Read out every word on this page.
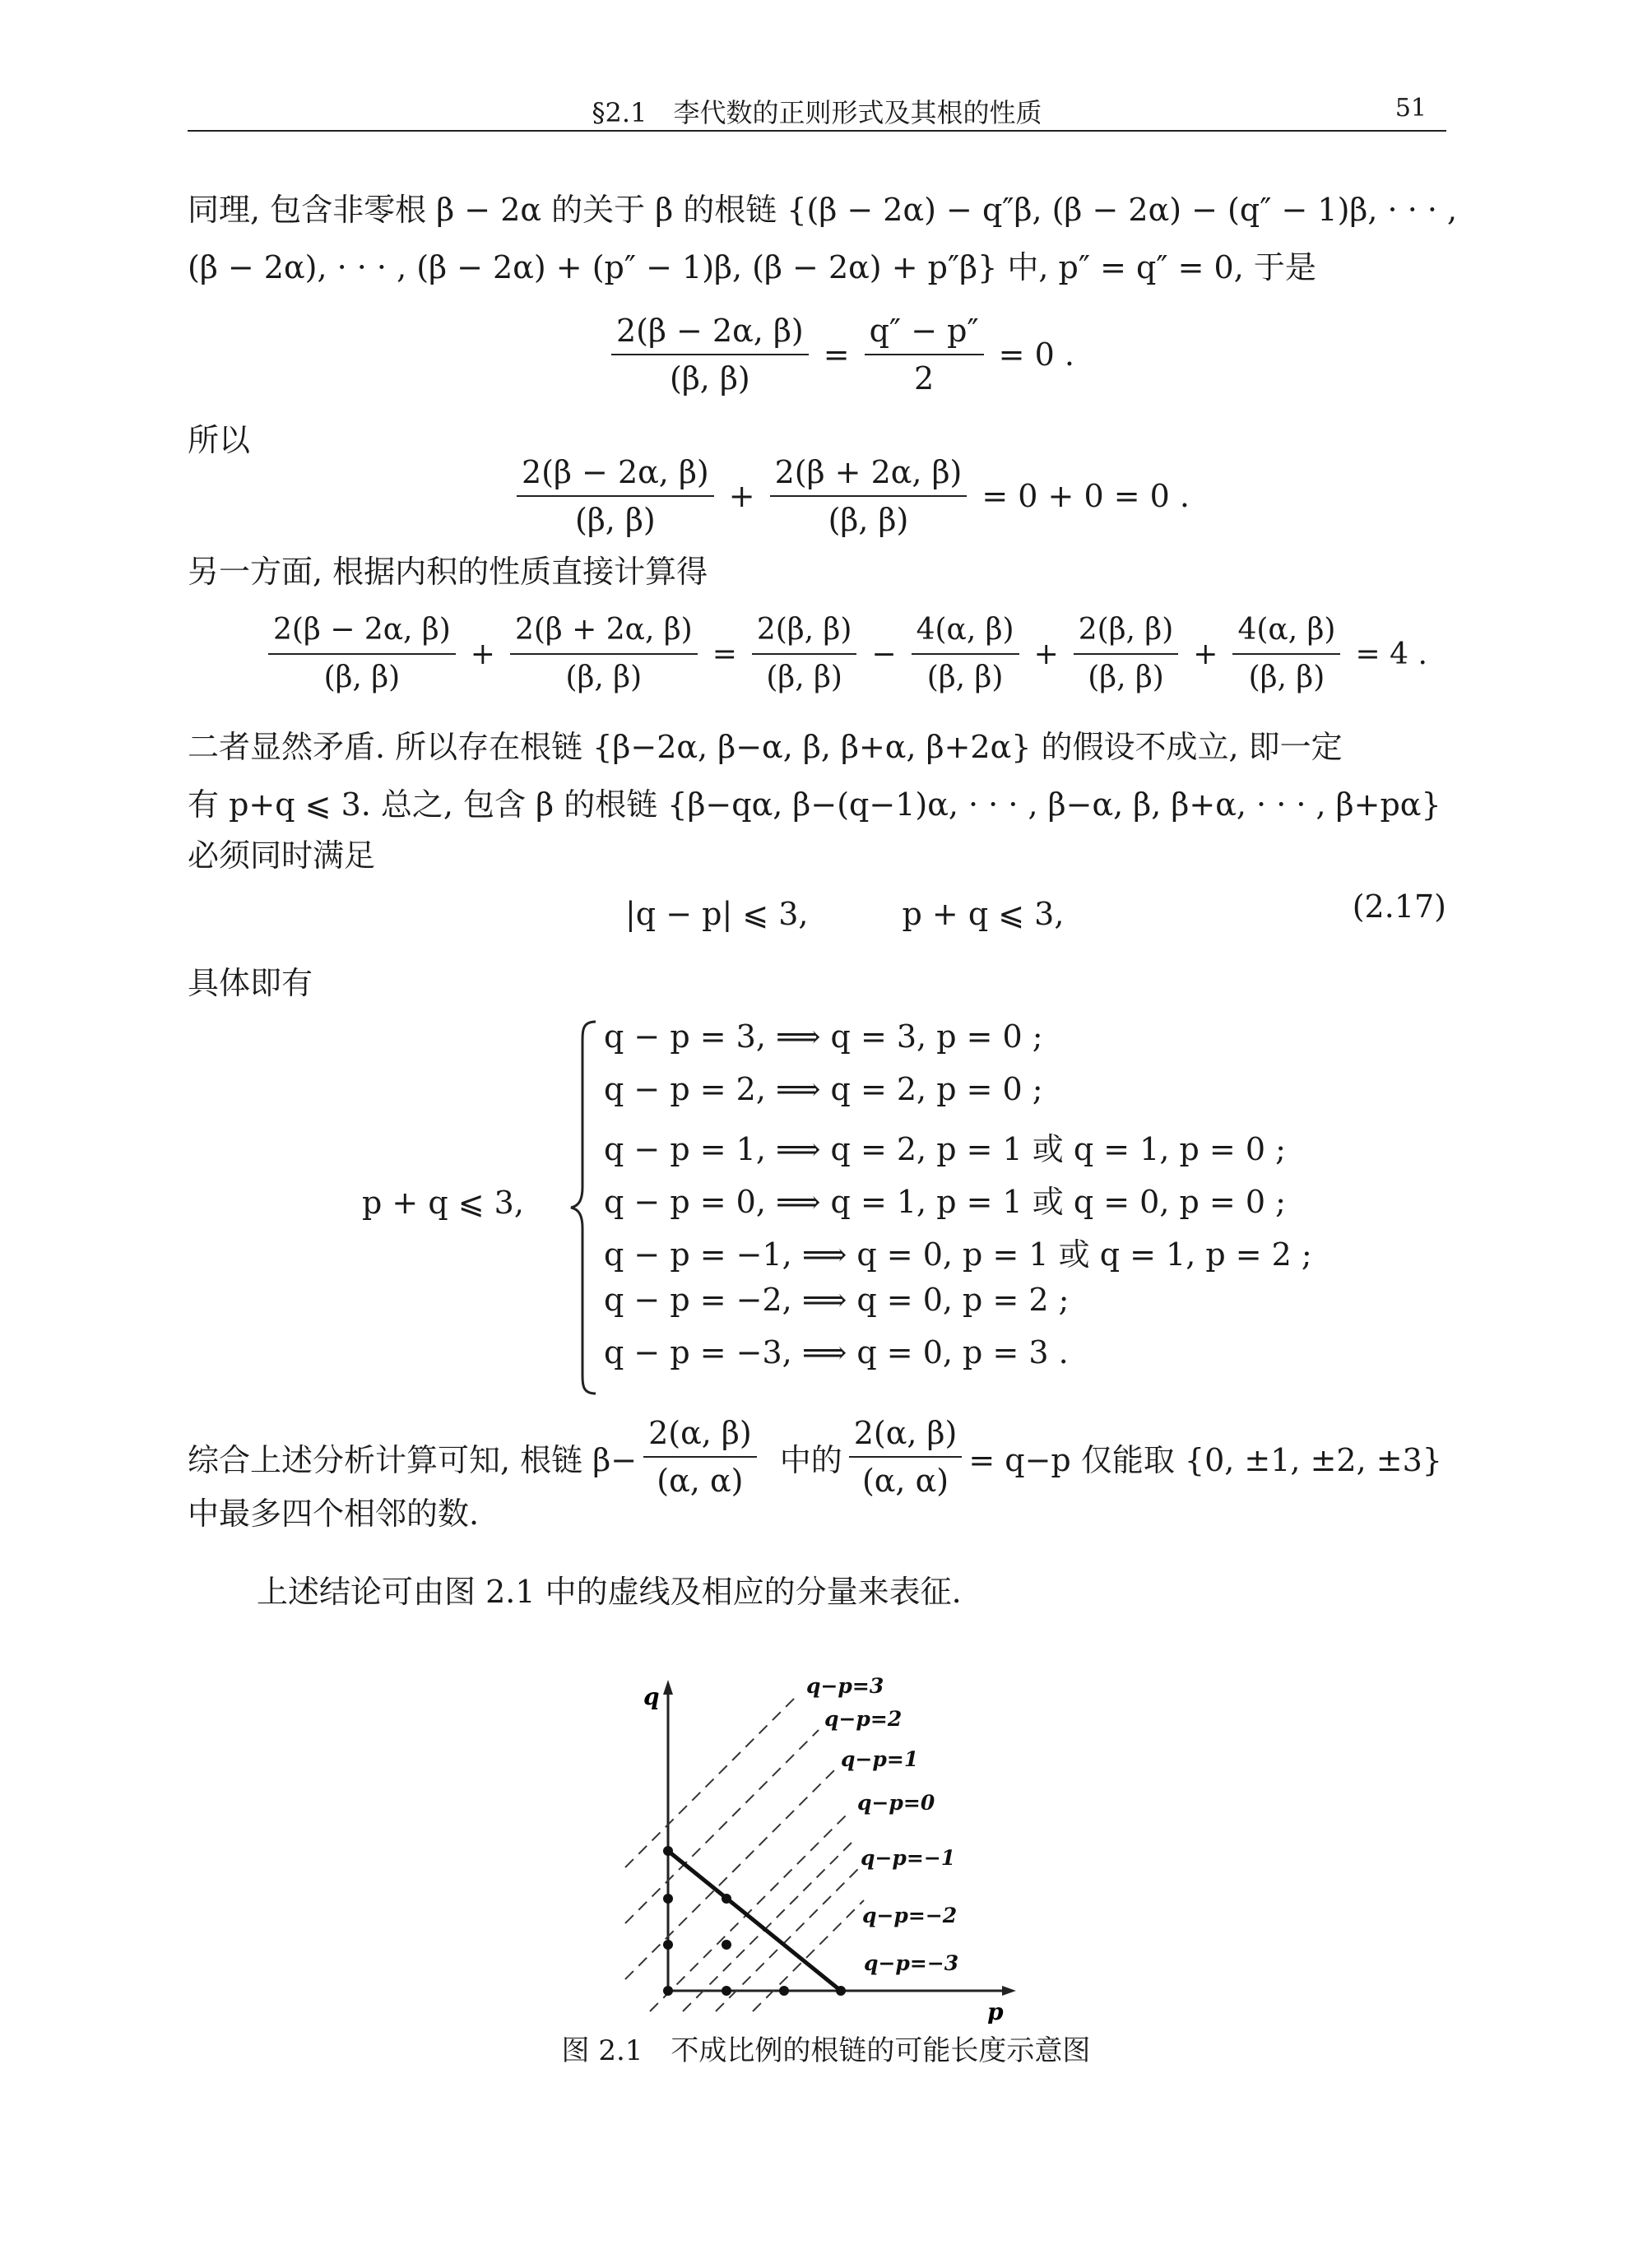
§2.1　李代数的正则形式及其根的性质	51
同理, 包含非零根 β − 2α 的关于 β 的根链 {(β − 2α) − q″β, (β − 2α) − (q″ − 1)β, · · · ,
(β − 2α), · · · , (β − 2α) + (p″ − 1)β, (β − 2α) + p″β} 中, p″ = q″ = 0, 于是
$\frac{2(\beta - 2\alpha, \beta)}{(\beta, \beta)} = \frac{q'' - p''}{2} = 0$ .
所以
$\frac{2(\beta - 2\alpha, \beta)}{(\beta, \beta)} + \frac{2(\beta + 2\alpha, \beta)}{(\beta, \beta)} = 0 + 0 = 0$ .
另一方面, 根据内积的性质直接计算得
$\frac{2(\beta - 2\alpha, \beta)}{(\beta, \beta)} + \frac{2(\beta + 2\alpha, \beta)}{(\beta, \beta)} = \frac{2(\beta, \beta)}{(\beta, \beta)} - \frac{4(\alpha, \beta)}{(\beta, \beta)} + \frac{2(\beta, \beta)}{(\beta, \beta)} + \frac{4(\alpha, \beta)}{(\beta, \beta)} = 4$ .
二者显然矛盾. 所以存在根链 {β−2α, β−α, β, β+α, β+2α} 的假设不成立, 即一定
有 p+q ⩽ 3. 总之, 包含 β 的根链 {β−qα, β−(q−1)α, · · · , β−α, β, β+α, · · · , β+pα}
必须同时满足
|q − p| ⩽ 3,　　　p + q ⩽ 3,	(2.17)
具体即有
p + q ⩽ 3,
q − p = 3, ⟹ q = 3, p = 0 ;
q − p = 2, ⟹ q = 2, p = 0 ;
q − p = 1, ⟹ q = 2, p = 1 或 q = 1, p = 0 ;
q − p = 0, ⟹ q = 1, p = 1 或 q = 0, p = 0 ;
q − p = −1, ⟹ q = 0, p = 1 或 q = 1, p = 2 ;
q − p = −2, ⟹ q = 0, p = 2 ;
q − p = −3, ⟹ q = 0, p = 3 .
综合上述分析计算可知, 根链 $\beta- \frac{2(\alpha, \beta)}{(\alpha, \alpha)}$ 中的 $\frac{2(\alpha, \beta)}{(\alpha, \alpha)} = q-p$ 仅能取 {0, ±1, ±2, ±3}
中最多四个相邻的数.
上述结论可由图 2.1 中的虚线及相应的分量来表征.
q
p
q−p=3
q−p=2
q−p=1
q−p=0
q−p=−1
q−p=−2
q−p=−3
图 2.1　不成比例的根链的可能长度示意图
